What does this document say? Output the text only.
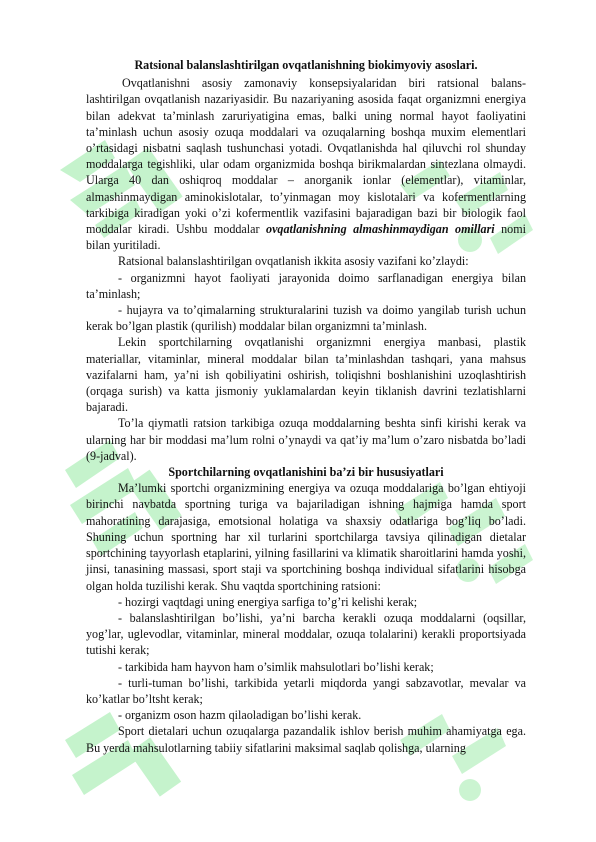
Ratsional balanslashtirilgan ovqatlanishning biokimyoviy asoslari.

Ovqatlanishni asosiy zamonaviy konsepsiyalaridan biri ratsional balans-lashtirilgan ovqatlanish nazariyasidir. Bu nazariyaning asosida faqat organizmni energiya bilan adekvat ta’minlash zaruriyatigina emas, balki uning normal hayot faoliyatini ta’minlash uchun asosiy ozuqa moddalari va ozuqalarning boshqa muxim elementlari o’rtasidagi nisbatni saqlash tushunchasi yotadi. Ovqatlanishda hal qiluvchi rol shunday moddalarga tegishliki, ular odam organizmida boshqa birikmalardan sintezlana olmaydi. Ularga 40 dan oshiqroq moddalar – anorganik ionlar (elementlar), vitaminlar, almashinmaydigan aminokislotalar, to’yinmagan moy kislotalari va kofermentlarning tarkibiga kiradigan yoki o’zi kofermentlik vazifasini bajaradigan bazi bir biologik faol moddalar kiradi. Ushbu moddalar ovqatlanishning almashinmaydigan omillari nomi bilan yuritiladi.

Ratsional balanslashtirilgan ovqatlanish ikkita asosiy vazifani ko’zlaydi:

- organizmni hayot faoliyati jarayonida doimo sarflanadigan energiya bilan ta’minlash;

- hujayra va to’qimalarning strukturalarini tuzish va doimo yangilab turish uchun kerak bo’lgan plastik (qurilish) moddalar bilan organizmni ta’minlash.

Lekin sportchilarning ovqatlanishi organizmni energiya manbasi, plastik materiallar, vitaminlar, mineral moddalar bilan ta’minlashdan tashqari, yana mahsus vazifalarni ham, ya’ni ish qobiliyatini oshirish, toliqishni boshlanishini uzoqlashtirish (orqaga surish) va katta jismoniy yuklamalardan keyin tiklanish davrini tezlatishlarni bajaradi.

To’la qiymatli ratsion tarkibiga ozuqa moddalarning beshta sinfi kirishi kerak va ularning har bir moddasi ma’lum rolni o’ynaydi va qat’iy ma’lum o’zaro nisbatda bo’ladi (9-jadval).

Sportchilarning ovqatlanishini ba’zi bir hususiyatlari

Ma’lumki sportchi organizmining energiya va ozuqa moddalariga bo’lgan ehtiyoji birinchi navbatda sportning turiga va bajariladigan ishning hajmiga hamda sport mahoratining darajasiga, emotsional holatiga va shaxsiy odatlariga bog’liq bo’ladi. Shuning uchun sportning har xil turlarini sportchilarga tavsiya qilinadigan dietalar sportchining tayyorlash etaplarini, yilning fasillarini va klimatik sharoitlarini hamda yoshi, jinsi, tanasining massasi, sport staji va sportchining boshqa individual sifatlarini hisobga olgan holda tuzilishi kerak. Shu vaqtda sportchining ratsioni:

- hozirgi vaqtdagi uning energiya sarfiga to’g’ri kelishi kerak;

- balanslashtirilgan bo’lishi, ya’ni barcha kerakli ozuqa moddalarni (oqsillar, yog’lar, uglevodlar, vitaminlar, mineral moddalar, ozuqa tolalarini) kerakli proportsiyada tutishi kerak;

- tarkibida ham hayvon ham o’simlik mahsulotlari bo’lishi kerak;

- turli-tuman bo’lishi, tarkibida yetarli miqdorda yangi sabzavotlar, mevalar va ko’katlar bo’ltsht kerak;

- organizm oson hazm qilaoladigan bo’lishi kerak.

Sport dietalari uchun ozuqalarga pazandalik ishlov berish muhim ahamiyatga ega. Bu yerda mahsulotlarning tabiiy sifatlarini maksimal saqlab qolishga, ularning
